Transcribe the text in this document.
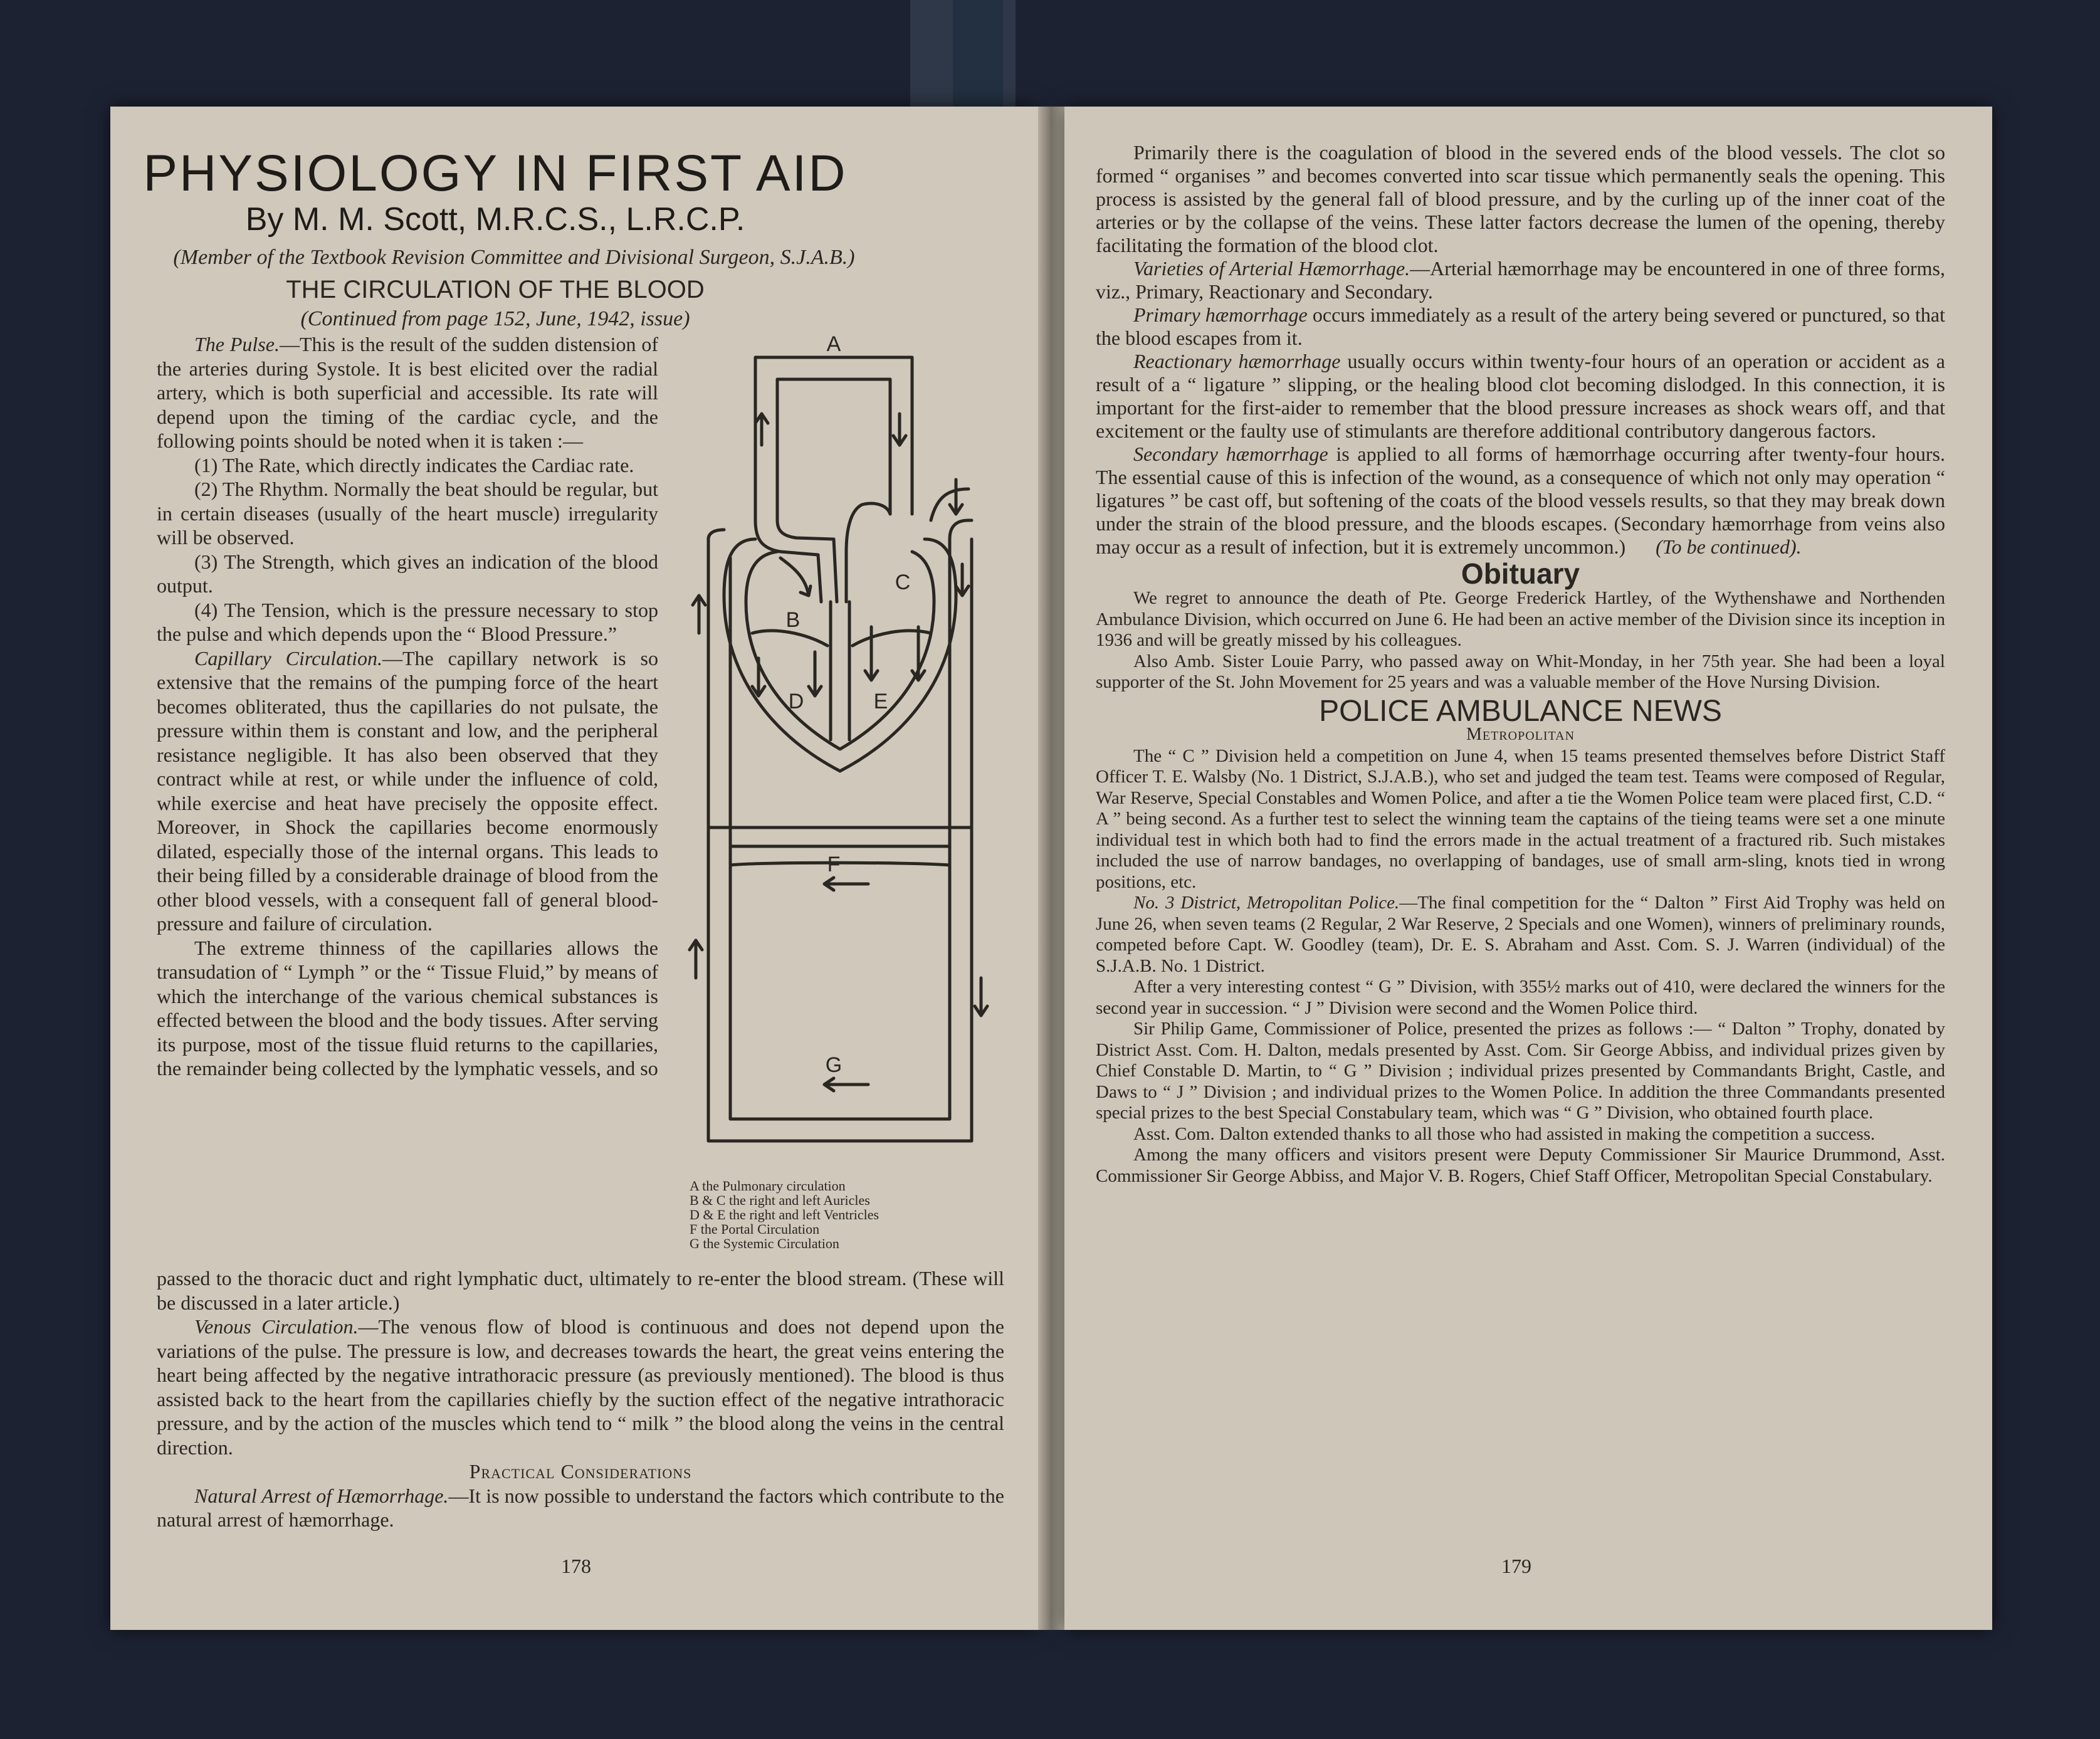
PHYSIOLOGY IN FIRST AID
By M. M. Scott, M.R.C.S., L.R.C.P.
(Member of the Textbook Revision Committee and Divisional Surgeon, S.J.A.B.)
THE CIRCULATION OF THE BLOOD
(Continued from page 152, June, 1942, issue)

The Pulse.—This is the result of the sudden distension of the arteries during Systole. It is best elicited over the radial artery, which is both superficial and accessible. Its rate will depend upon the timing of the cardiac cycle, and the following points should be noted when it is taken :—

(1) The Rate, which directly indicates the Cardiac rate.

(2) The Rhythm. Normally the beat should be regular, but in certain diseases (usually of the heart muscle) irregularity will be observed.

(3) The Strength, which gives an indication of the blood output.

(4) The Tension, which is the pressure necessary to stop the pulse and which depends upon the “ Blood Pressure.”

Capillary Circulation.—The capillary network is so extensive that the remains of the pumping force of the heart becomes obliterated, thus the capillaries do not pulsate, the pressure within them is constant and low, and the peripheral resistance negligible. It has also been observed that they contract while at rest, or while under the influence of cold, while exercise and heat have precisely the opposite effect. Moreover, in Shock the capillaries become enormously dilated, especially those of the internal organs. This leads to their being filled by a considerable drainage of blood from the other blood vessels, with a consequent fall of general blood-pressure and failure of circulation.

The extreme thinness of the capillaries allows the transudation of “ Lymph ” or the “ Tissue Fluid,” by means of which the interchange of the various chemical substances is effected between the blood and the body tissues. After serving its purpose, most of the tissue fluid returns to the capillaries, the remainder being collected by the lymphatic vessels, and so

A
B
C
D	E
F
G
A the Pulmonary circulation
B & C the right and left Auricles
D & E the right and left Ventricles
F the Portal Circulation
G the Systemic Circulation

passed to the thoracic duct and right lymphatic duct, ultimately to re-enter the blood stream. (These will be discussed in a later article.)

Venous Circulation.—The venous flow of blood is continuous and does not depend upon the variations of the pulse. The pressure is low, and decreases towards the heart, the great veins entering the heart being affected by the negative intrathoracic pressure (as previously mentioned). The blood is thus assisted back to the heart from the capillaries chiefly by the suction effect of the negative intrathoracic pressure, and by the action of the muscles which tend to “ milk ” the blood along the veins in the central direction.

Practical Considerations

Natural Arrest of Hæmorrhage.—It is now possible to understand the factors which contribute to the natural arrest of hæmorrhage.

178

Primarily there is the coagulation of blood in the severed ends of the blood vessels. The clot so formed “ organises ” and becomes converted into scar tissue which permanently seals the opening. This process is assisted by the general fall of blood pressure, and by the curling up of the inner coat of the arteries or by the collapse of the veins. These latter factors decrease the lumen of the opening, thereby facilitating the formation of the blood clot.

Varieties of Arterial Hæmorrhage.—Arterial hæmorrhage may be encountered in one of three forms, viz., Primary, Reactionary and Secondary.

Primary hæmorrhage occurs immediately as a result of the artery being severed or punctured, so that the blood escapes from it.

Reactionary hæmorrhage usually occurs within twenty-four hours of an operation or accident as a result of a “ ligature ” slipping, or the healing blood clot becoming dislodged. In this connection, it is important for the first-aider to remember that the blood pressure increases as shock wears off, and that excitement or the faulty use of stimulants are therefore additional contributory dangerous factors.

Secondary hæmorrhage is applied to all forms of hæmorrhage occurring after twenty-four hours. The essential cause of this is infection of the wound, as a consequence of which not only may operation “ ligatures ” be cast off, but softening of the coats of the blood vessels results, so that they may break down under the strain of the blood pressure, and the bloods escapes. (Secondary hæmorrhage from veins also may occur as a result of infection, but it is extremely uncommon.) (To be continued).

Obituary

We regret to announce the death of Pte. George Frederick Hartley, of the Wythenshawe and Northenden Ambulance Division, which occurred on June 6. He had been an active member of the Division since its inception in 1936 and will be greatly missed by his colleagues.

Also Amb. Sister Louie Parry, who passed away on Whit-Monday, in her 75th year. She had been a loyal supporter of the St. John Movement for 25 years and was a valuable member of the Hove Nursing Division.

POLICE AMBULANCE NEWS
Metropolitan

The “ C ” Division held a competition on June 4, when 15 teams presented themselves before District Staff Officer T. E. Walsby (No. 1 District, S.J.A.B.), who set and judged the team test. Teams were composed of Regular, War Reserve, Special Constables and Women Police, and after a tie the Women Police team were placed first, C.D. “ A ” being second. As a further test to select the winning team the captains of the tieing teams were set a one minute individual test in which both had to find the errors made in the actual treatment of a fractured rib. Such mistakes included the use of narrow bandages, no overlapping of bandages, use of small arm-sling, knots tied in wrong positions, etc.

No. 3 District, Metropolitan Police.—The final competition for the “ Dalton ” First Aid Trophy was held on June 26, when seven teams (2 Regular, 2 War Reserve, 2 Specials and one Women), winners of preliminary rounds, competed before Capt. W. Goodley (team), Dr. E. S. Abraham and Asst. Com. S. J. Warren (individual) of the S.J.A.B. No. 1 District.

After a very interesting contest “ G ” Division, with 355½ marks out of 410, were declared the winners for the second year in succession. “ J ” Division were second and the Women Police third.

Sir Philip Game, Commissioner of Police, presented the prizes as follows :— “ Dalton ” Trophy, donated by District Asst. Com. H. Dalton, medals presented by Asst. Com. Sir George Abbiss, and individual prizes given by Chief Constable D. Martin, to “ G ” Division ; individual prizes presented by Commandants Bright, Castle, and Daws to “ J ” Division ; and individual prizes to the Women Police. In addition the three Commandants presented special prizes to the best Special Constabulary team, which was “ G ” Division, who obtained fourth place.

Asst. Com. Dalton extended thanks to all those who had assisted in making the competition a success.

Among the many officers and visitors present were Deputy Commissioner Sir Maurice Drummond, Asst. Commissioner Sir George Abbiss, and Major V. B. Rogers, Chief Staff Officer, Metropolitan Special Constabulary.

179
